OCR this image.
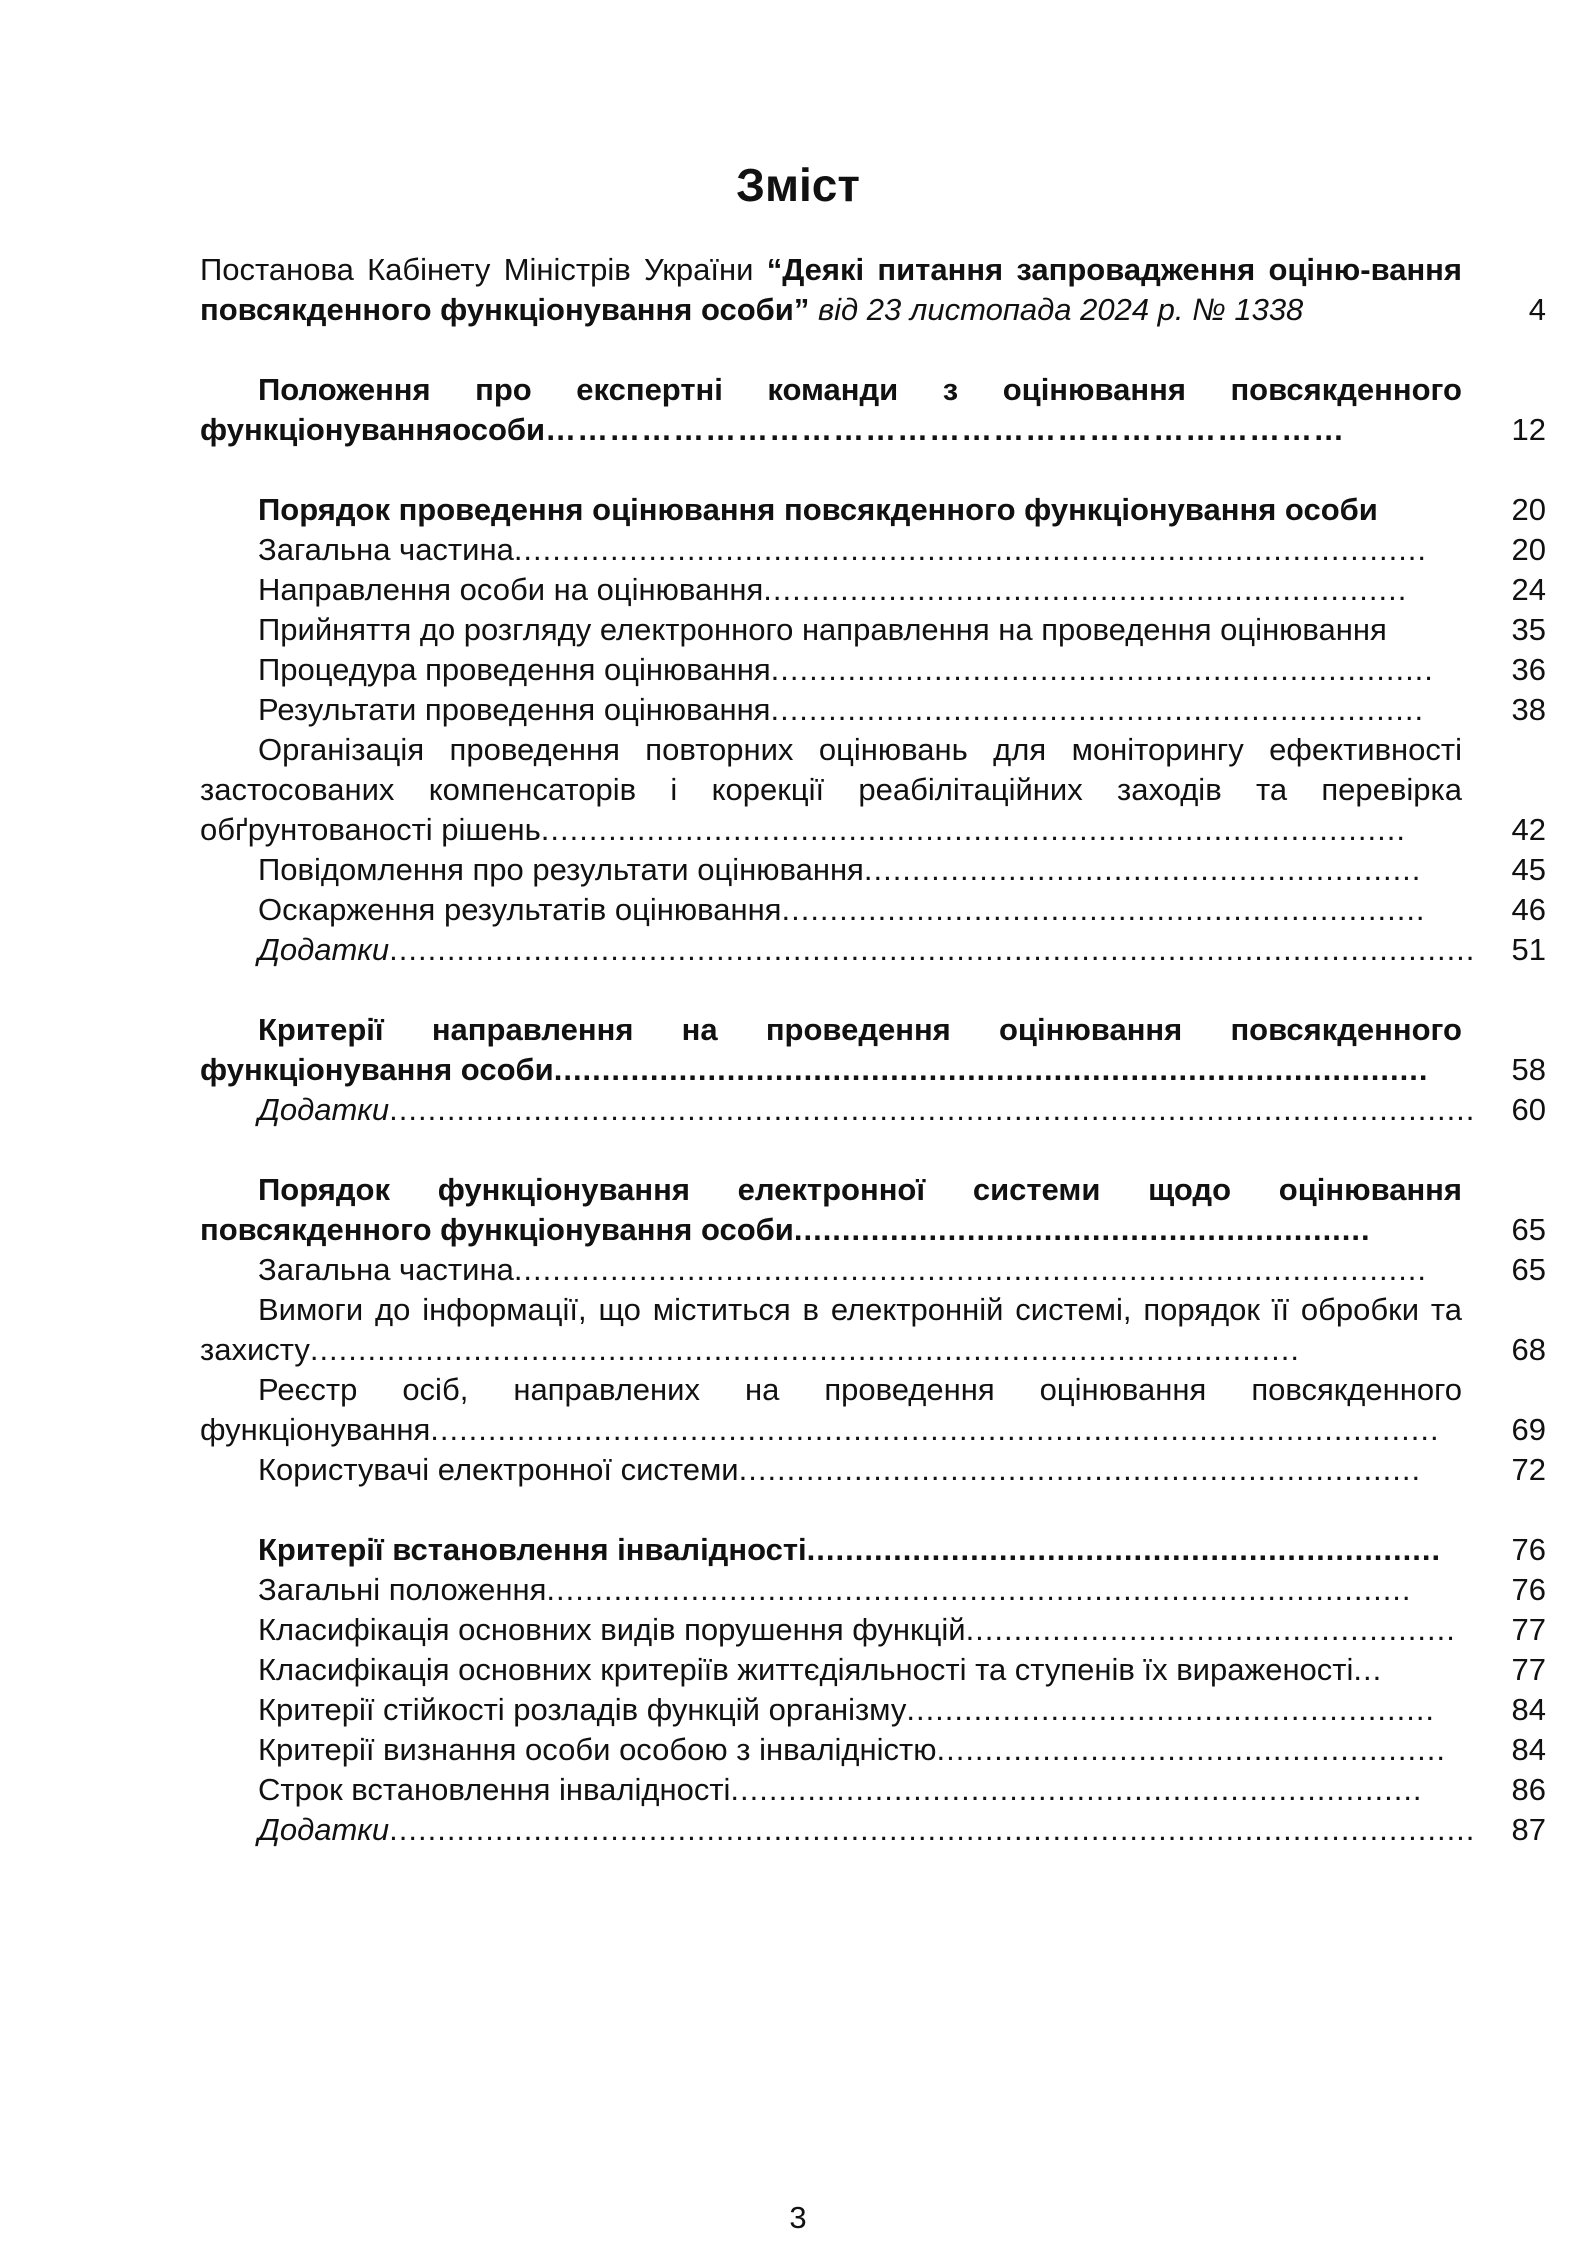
Зміст
Постанова Кабінету Міністрів України “Деякі питання запровадження оціню-вання повсякденного функціонування особи” від 23 листопада 2024 р. № 1338	4
Положення про експертні команди з оцінювання повсякденного функціонуванняособи…………………………………………………………………	12
Порядок проведення оцінювання повсякденного функціонування особи	20
Загальна частина...............................................................................................	20
Направлення особи на оцінювання...................................................................	24
Прийняття до розгляду електронного направлення на проведення оцінювання	35
Процедура проведення оцінювання.....................................................................	36
Результати проведення оцінювання....................................................................	38
Організація проведення повторних оцінювань для моніторингу ефективності застосованих компенсаторів і корекції реабілітаційних заходів та перевірка обґрунтованості рішень..........................................................................................	42
Повідомлення про результати оцінювання..........................................................	45
Оскарження результатів оцінювання...................................................................	46
Додатки.................................................................................................................	51
Критерії направлення на проведення оцінювання повсякденного функціонування особи...........................................................................................	58
Додатки.................................................................................................................	60
Порядок функціонування електронної системи щодо оцінювання повсякденного функціонування особи............................................................	65
Загальна частина...............................................................................................	65
Вимоги до інформації, що міститься в електронній системі, порядок її обробки та захисту.......................................................................................................	68
Реєстр осіб, направлених на проведення оцінювання повсякденного функціонування.........................................................................................................	69
Користувачі електронної системи.......................................................................	72
Критерії встановлення інвалідності..................................................................	76
Загальні положення..........................................................................................	76
Класифікація основних видів порушення функцій...................................................	77
Класифікація основних критеріїв життєдіяльності та ступенів їх вираженості...	77
Критерії стійкості розладів функцій організму.......................................................	84
Критерії визнання особи особою з інвалідністю.....................................................	84
Строк встановлення інвалідності........................................................................	86
Додатки.................................................................................................................	87
3
